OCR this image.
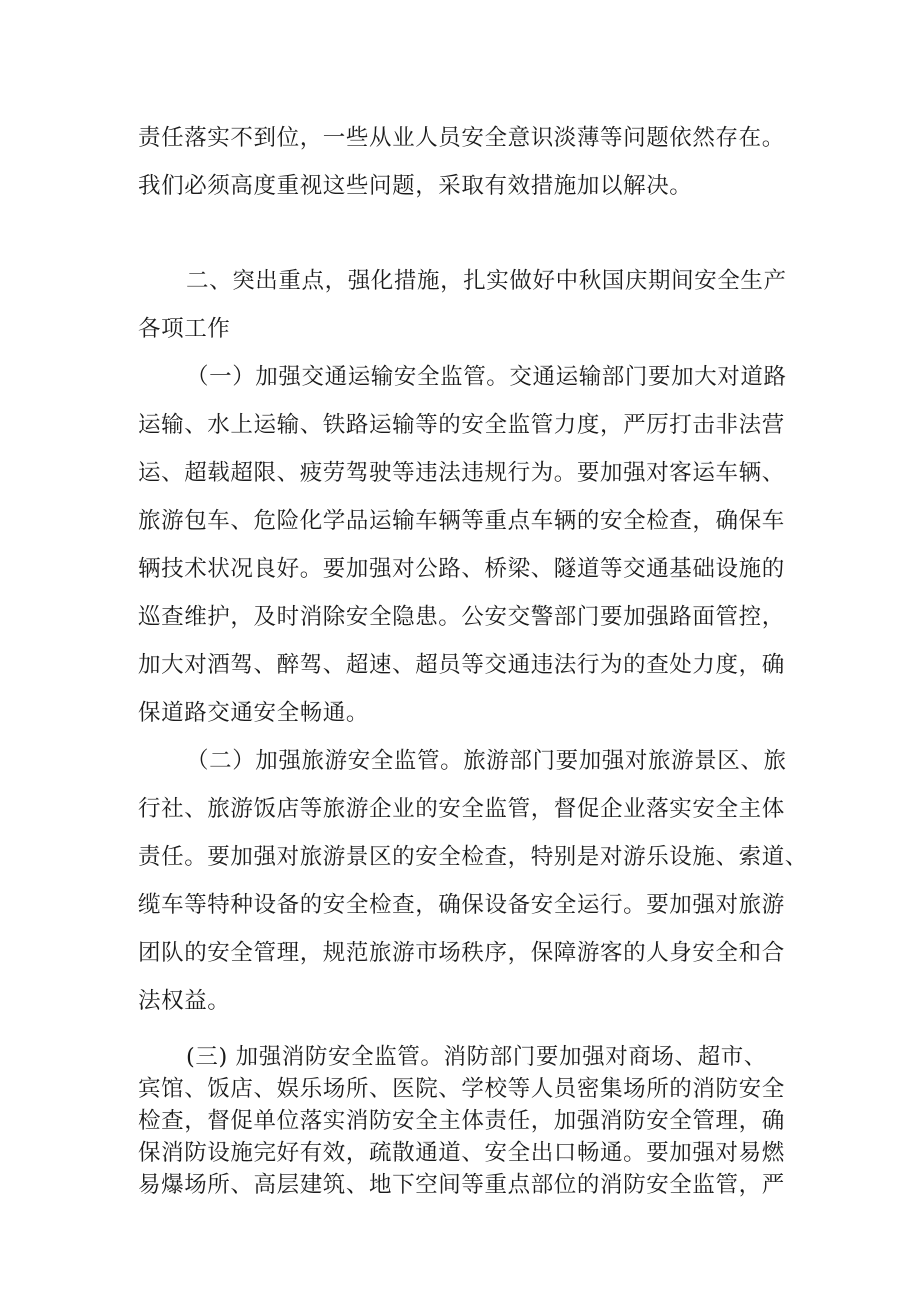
责任落实不到位，一些从业人员安全意识淡薄等问题依然存在。
我们必须高度重视这些问题，采取有效措施加以解决。
二、突出重点，强化措施，扎实做好中秋国庆期间安全生产
各项工作
（一）加强交通运输安全监管。交通运输部门要加大对道路
运输、水上运输、铁路运输等的安全监管力度，严厉打击非法营
运、超载超限、疲劳驾驶等违法违规行为。要加强对客运车辆、
旅游包车、危险化学品运输车辆等重点车辆的安全检查，确保车
辆技术状况良好。要加强对公路、桥梁、隧道等交通基础设施的
巡查维护，及时消除安全隐患。公安交警部门要加强路面管控，
加大对酒驾、醉驾、超速、超员等交通违法行为的查处力度，确
保道路交通安全畅通。
（二）加强旅游安全监管。旅游部门要加强对旅游景区、旅
行社、旅游饭店等旅游企业的安全监管，督促企业落实安全主体
责任。要加强对旅游景区的安全检查，特别是对游乐设施、索道、
缆车等特种设备的安全检查，确保设备安全运行。要加强对旅游
团队的安全管理，规范旅游市场秩序，保障游客的人身安全和合
法权益。
(三) 加强消防安全监管。消防部门要加强对商场、超市、
宾馆、饭店、娱乐场所、医院、学校等人员密集场所的消防安全
检查，督促单位落实消防安全主体责任，加强消防安全管理，确
保消防设施完好有效，疏散通道、安全出口畅通。要加强对易燃
易爆场所、高层建筑、地下空间等重点部位的消防安全监管，严
